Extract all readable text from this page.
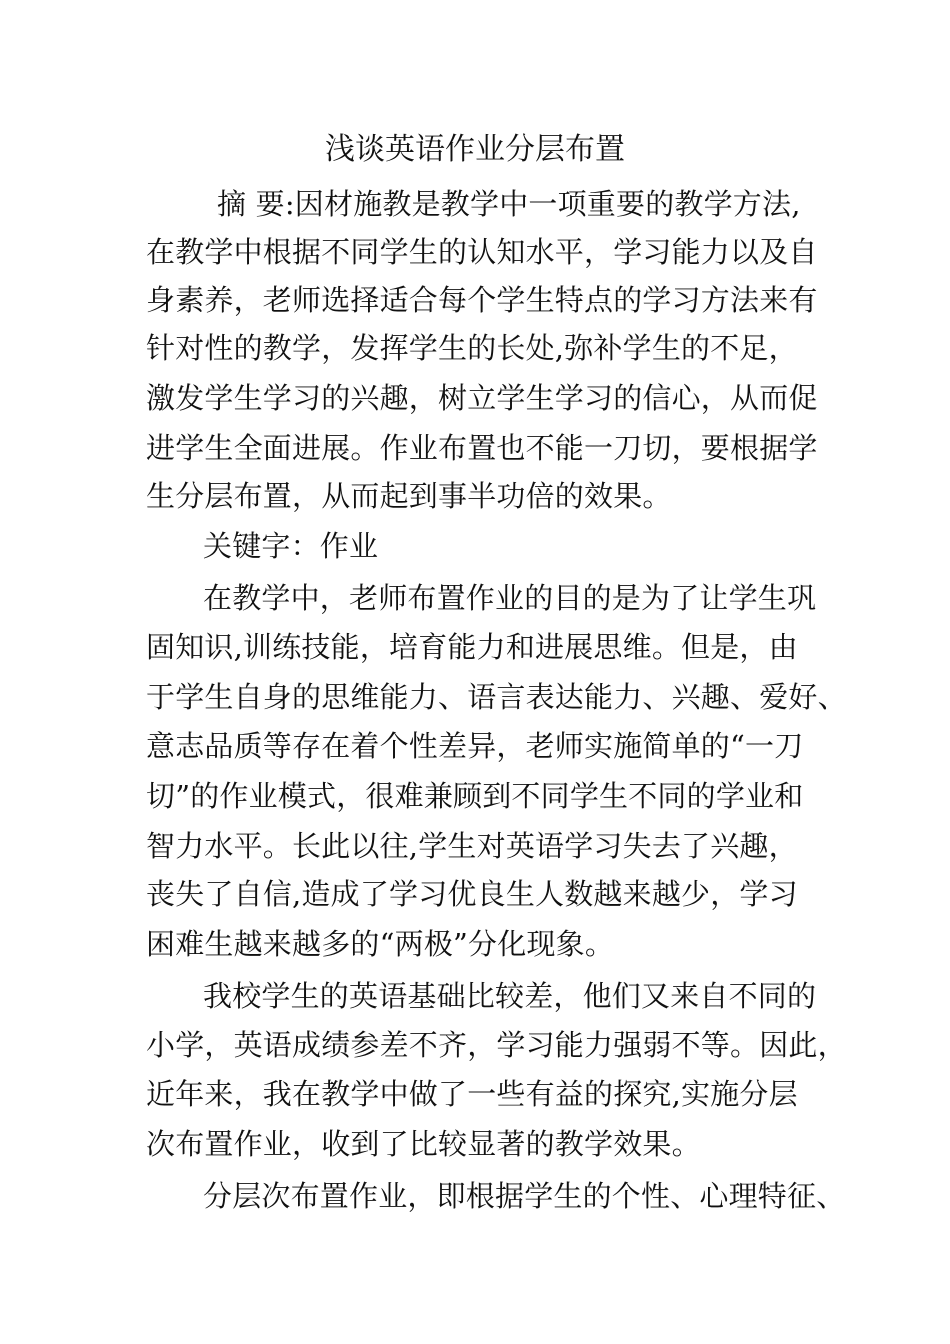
浅谈英语作业分层布置
摘 要:因材施教是教学中一项重要的教学方法,
在教学中根据不同学生的认知水平，学习能力以及自
身素养，老师选择适合每个学生特点的学习方法来有
针对性的教学，发挥学生的长处,弥补学生的不足，
激发学生学习的兴趣，树立学生学习的信心，从而促
进学生全面进展。作业布置也不能一刀切，要根据学
生分层布置，从而起到事半功倍的效果。
关键字：作业
在教学中，老师布置作业的目的是为了让学生巩
固知识,训练技能，培育能力和进展思维。但是，由
于学生自身的思维能力、语言表达能力、兴趣、爱好、
意志品质等存在着个性差异，老师实施简单的“一刀
切”的作业模式，很难兼顾到不同学生不同的学业和
智力水平。长此以往,学生对英语学习失去了兴趣，
丧失了自信,造成了学习优良生人数越来越少，学习
困难生越来越多的“两极”分化现象。
我校学生的英语基础比较差，他们又来自不同的
小学，英语成绩参差不齐，学习能力强弱不等。因此，
近年来，我在教学中做了一些有益的探究,实施分层
次布置作业，收到了比较显著的教学效果。
分层次布置作业，即根据学生的个性、心理特征、
